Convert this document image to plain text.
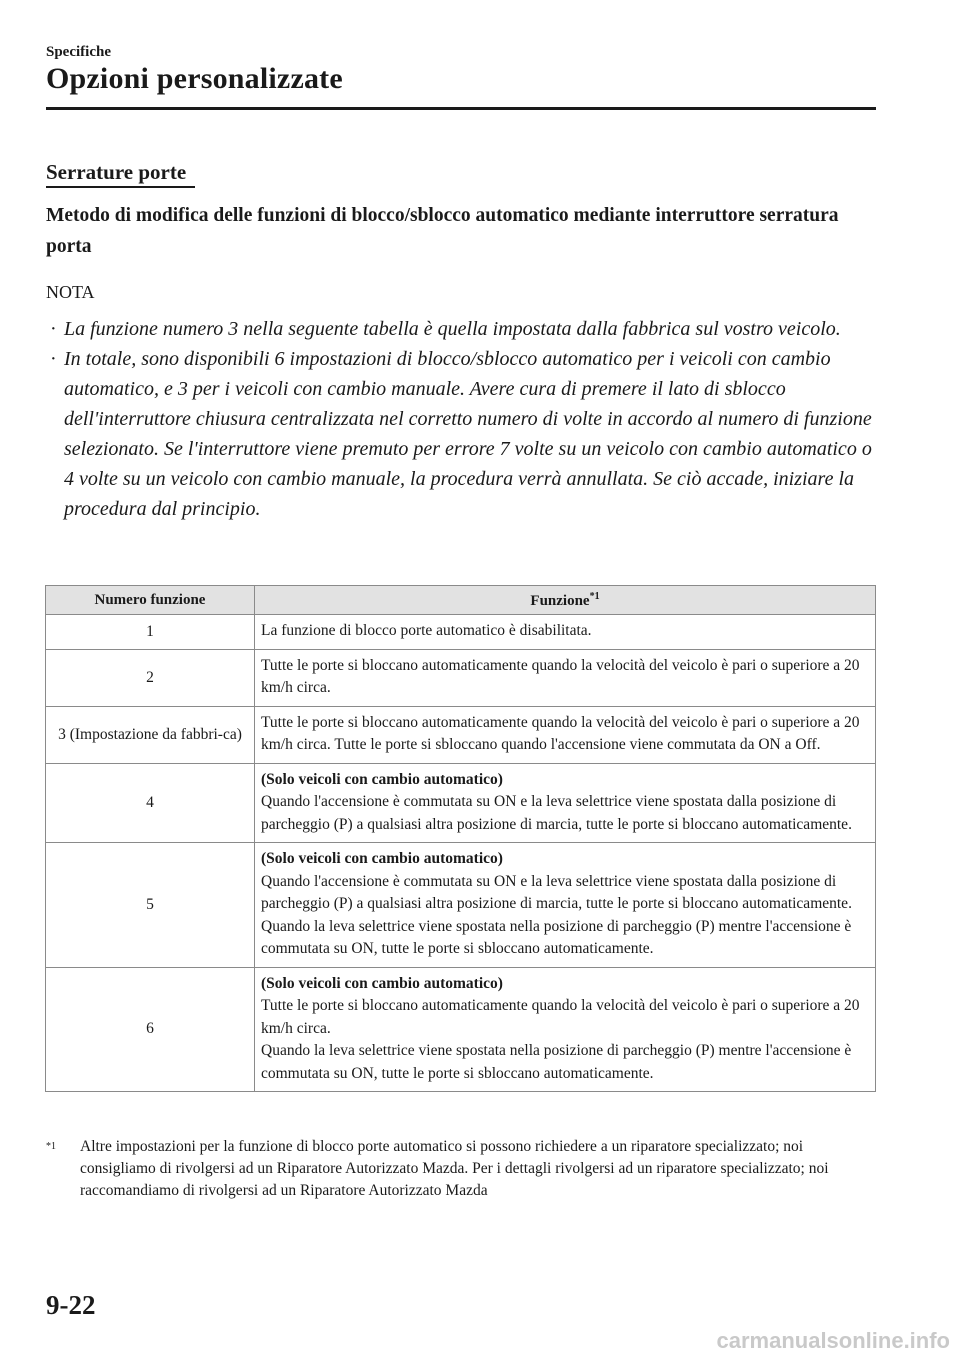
Specifiche
Opzioni personalizzate
Serrature porte
Metodo di modifica delle funzioni di blocco/sblocco automatico mediante interruttore serratura porta
NOTA
· La funzione numero 3 nella seguente tabella è quella impostata dalla fabbrica sul vostro veicolo.
· In totale, sono disponibili 6 impostazioni di blocco/sblocco automatico per i veicoli con cambio automatico, e 3 per i veicoli con cambio manuale. Avere cura di premere il lato di sblocco dell'interruttore chiusura centralizzata nel corretto numero di volte in accordo al numero di funzione selezionato. Se l'interruttore viene premuto per errore 7 volte su un veicolo con cambio automatico o 4 volte su un veicolo con cambio manuale, la procedura verrà annullata. Se ciò accade, iniziare la procedura dal principio.
Numero funzione	Funzione$^{*1}$
1	La funzione di blocco porte automatico è disabilitata.

2	Tutte le porte si bloccano automaticamente quando la velocità del veicolo è pari o superiore a 20 km/h circa.

3 (Impostazione da fabbri-ca)	Tutte le porte si bloccano automaticamente quando la velocità del veicolo è pari o superiore a 20 km/h circa. Tutte le porte si sbloccano quando l'accensione viene commutata da ON a Off.

4	(Solo veicoli con cambio automatico)
Quando l'accensione è commutata su ON e la leva selettrice viene spostata dalla posizione di parcheggio (P) a qualsiasi altra posizione di marcia, tutte le porte si bloccano automaticamente.

5	(Solo veicoli con cambio automatico)
Quando l'accensione è commutata su ON e la leva selettrice viene spostata dalla posizione di parcheggio (P) a qualsiasi altra posizione di marcia, tutte le porte si bloccano automaticamente.
Quando la leva selettrice viene spostata nella posizione di parcheggio (P) mentre l'accensione è commutata su ON, tutte le porte si sbloccano automaticamente.

6	(Solo veicoli con cambio automatico)
Tutte le porte si bloccano automaticamente quando la velocità del veicolo è pari o superiore a 20 km/h circa.
Quando la leva selettrice viene spostata nella posizione di parcheggio (P) mentre l'accensione è commutata su ON, tutte le porte si sbloccano automaticamente.
*1 Altre impostazioni per la funzione di blocco porte automatico si possono richiedere a un riparatore specializzato; noi consigliamo di rivolgersi ad un Riparatore Autorizzato Mazda. Per i dettagli rivolgersi ad un riparatore specializzato; noi raccomandiamo di rivolgersi ad un Riparatore Autorizzato Mazda
9-22
carmanualsonline.info
